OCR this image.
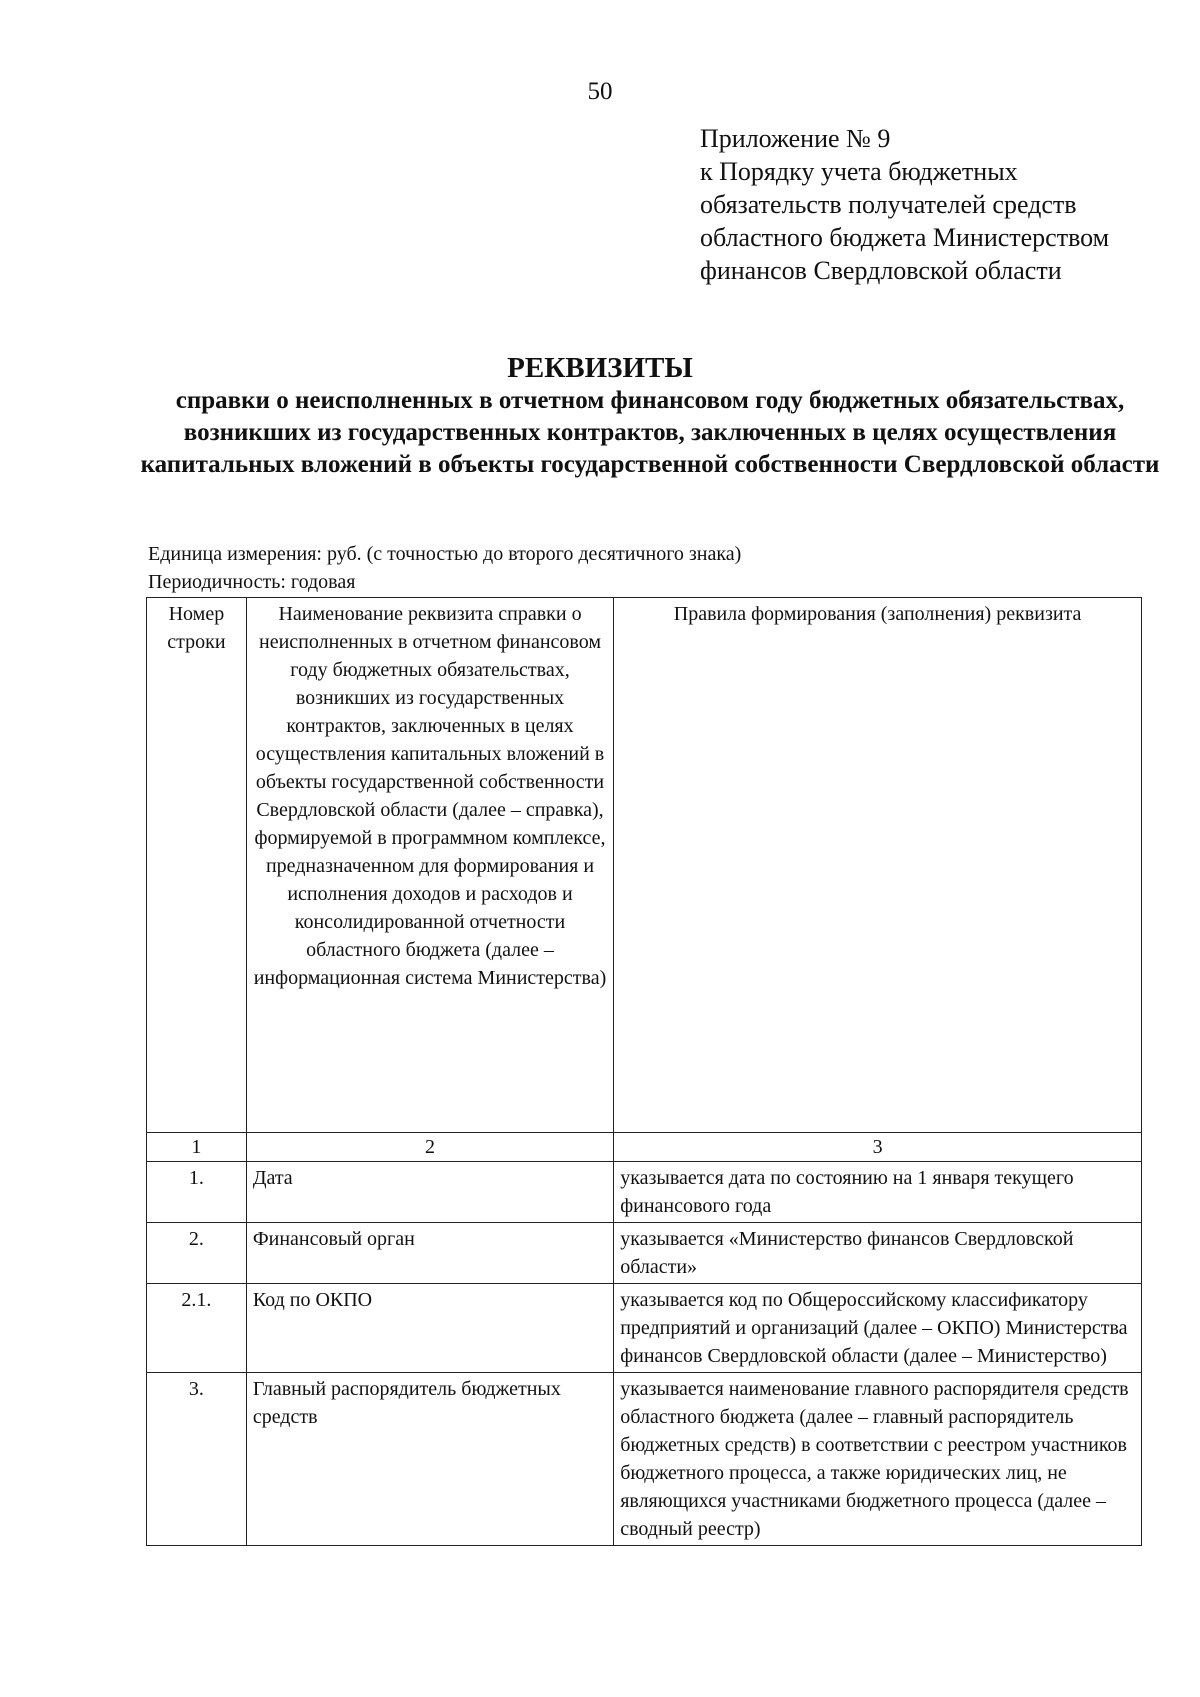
50
Приложение № 9
к Порядку учета бюджетных
обязательств получателей средств
областного бюджета Министерством
финансов Свердловской области
РЕКВИЗИТЫ
справки о неисполненных в отчетном финансовом году бюджетных обязательствах, возникших из государственных контрактов, заключенных в целях осуществления капитальных вложений в объекты государственной собственности Свердловской области
Единица измерения: руб. (с точностью до второго десятичного знака)
Периодичность: годовая
Номер строки	Наименование реквизита справки о неисполненных в отчетном финансовом году бюджетных обязательствах, возникших из государственных контрактов, заключенных в целях осуществления капитальных вложений в объекты государственной собственности Свердловской области (далее – справка), формируемой в программном комплексе, предназначенном для формирования и исполнения доходов и расходов и консолидированной отчетности областного бюджета (далее – информационная система Министерства)	Правила формирования (заполнения) реквизита
1	2	3
1.	Дата	указывается дата по состоянию на 1 января текущего финансового года
2.	Финансовый орган	указывается «Министерство финансов Свердловской области»
2.1.	Код по ОКПО	указывается код по Общероссийскому классификатору предприятий и организаций (далее – ОКПО) Министерства финансов Свердловской области (далее – Министерство)
3.	Главный распорядитель бюджетных средств	указывается наименование главного распорядителя средств областного бюджета (далее – главный распорядитель бюджетных средств) в соответствии с реестром участников бюджетного процесса, а также юридических лиц, не являющихся участниками бюджетного процесса (далее – сводный реестр)
